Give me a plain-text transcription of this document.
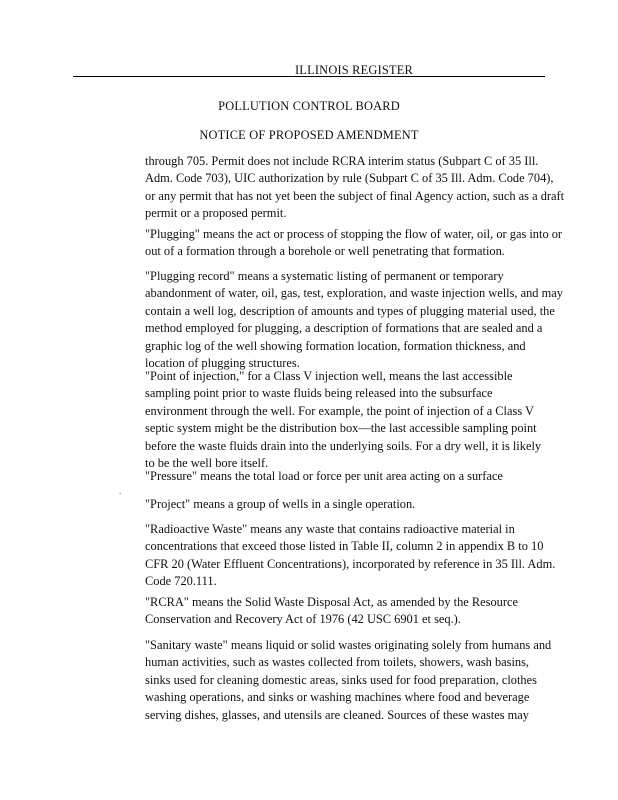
ILLINOIS REGISTER
POLLUTION CONTROL BOARD
NOTICE OF PROPOSED AMENDMENT
.
through 705. Permit does not include RCRA interim status (Subpart C of 35 Ill.
Adm. Code 703), UIC authorization by rule (Subpart C of 35 Ill. Adm. Code 704),
or any permit that has not yet been the subject of final Agency action, such as a draft
permit or a proposed permit.
"Plugging" means the act or process of stopping the flow of water, oil, or gas into or
out of a formation through a borehole or well penetrating that formation.
"Plugging record" means a systematic listing of permanent or temporary
abandonment of water, oil, gas, test, exploration, and waste injection wells, and may
contain a well log, description of amounts and types of plugging material used, the
method employed for plugging, a description of formations that are sealed and a
graphic log of the well showing formation location, formation thickness, and
location of plugging structures.
"Point of injection," for a Class V injection well, means the last accessible
sampling point prior to waste fluids being released into the subsurface
environment through the well. For example, the point of injection of a Class V
septic system might be the distribution box—the last accessible sampling point
before the waste fluids drain into the underlying soils. For a dry well, it is likely
to be the well bore itself.
"Pressure" means the total load or force per unit area acting on a surface
"Project" means a group of wells in a single operation.
"Radioactive Waste" means any waste that contains radioactive material in
concentrations that exceed those listed in Table II, column 2 in appendix B to 10
CFR 20 (Water Effluent Concentrations), incorporated by reference in 35 Ill. Adm.
Code 720.111.
"RCRA" means the Solid Waste Disposal Act, as amended by the Resource
Conservation and Recovery Act of 1976 (42 USC 6901 et seq.).
"Sanitary waste" means liquid or solid wastes originating solely from humans and
human activities, such as wastes collected from toilets, showers, wash basins,
sinks used for cleaning domestic areas, sinks used for food preparation, clothes
washing operations, and sinks or washing machines where food and beverage
serving dishes, glasses, and utensils are cleaned. Sources of these wastes may
